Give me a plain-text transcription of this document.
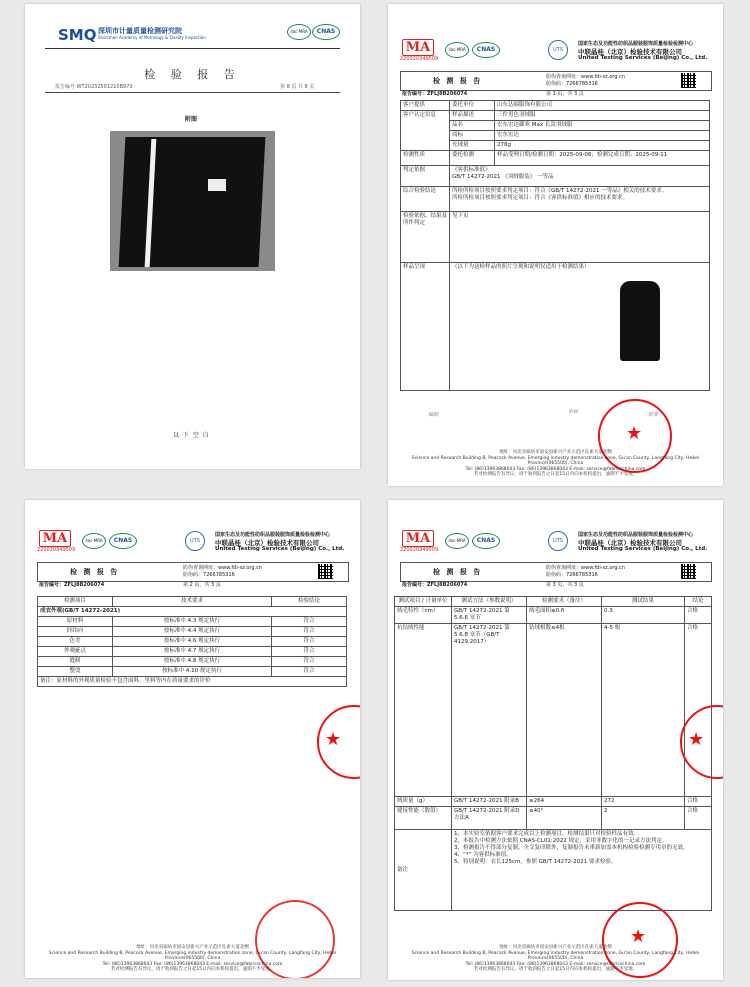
SMQ 深圳市计量质量检测研究院
Shenzhen Academy of Metrology & Quality Inspection
ilac-MRA	CNAS
检 验 报 告
报告编号 WT20232501210B973	第 8 页 共 8 页
附图
以 下 空 白
MA
220020349509
ilac-MRA	CNAS	UTS
国家生态及功能性纺织品服装服饰质量检验检测中心
中联晶桂（北京）检验技术有限公司
United Testing Services (Beijing) Co., Ltd.
检 测 报 告	防伪查询网址：www.fdi-sz.org.cn
防伪码：7266785316
报告编号：ZFLJ8B206074	第 1 页，共 3 页
客户提供	委托单位	山东达瑞服饰有限公司
客户认定信息	样品描述	三件男色羽绒服
	品名	宏东宏达御寒 Max 长款羽绒服
	商标	宏东宏达
	充绒量	278g
检测性质	委托检测	样品受理日期/检测日期：2025-09-08；检测完成日期；2025-09-11
判定依据	《客供标准值》
GB/T 14272-2021 《羽绒服装》 一等品	

综合检验结论	所检所检项目按照要求判定项目：符合《GB/T 14272-2021 一等品》相关的技术要求。
所检所检项目按照要求判定项目：符合《客供标准值》相应的技术要求。	

检验依据、结果及所作判定	见下页	
样品呈现	（以下为送检样品的照片呈现和说明仅适用于检测结果）	
编制	审核	批准
★
地址：河北省廊坊市固安县新兴产业示范区孔雀大道北侧
Science and Research Building B, Peacock Avenue, Emerging industry demonstration zone, Gu'an County, Langfang City, Hebei Province(065500), China
Tel: (86)13963868043 Fax: (86)13963868043 E-mail: service@fabricschina.com
若对检测报告有异议，请于收到报告之日起15日内向本机构提出，逾期不予受理。
MA
220020349509
ilac-MRA	CNAS	UTS
国家生态及功能性纺织品服装服饰质量检验检测中心
中联晶桂（北京）检验技术有限公司
United Testing Services (Beijing) Co., Ltd.
检 测 报 告	防伪查询网址：www.fdi-sz.org.cn
防伪码：7266785316
报告编号：ZFLJ8B206074	第 2 页，共 3 页
检测项目	技术要求	检验结论
成衣外观(GB/T 14272-2021)		
原材料	按标准中 4.3 规定执行	符合
经纬向	按标准中 4.4 规定执行	符合
色差	按标准中 4.6 规定执行	符合
外观疵点	按标准中 4.7 规定执行	符合
缝制	按标准中 4.8 规定执行	符合
整烫	按标准中 4.10 规定执行	符合
备注：原材料的外观质量检验不包含面料、里料等内在质量要求的评价		
★
地址：河北省廊坊市固安县新兴产业示范区孔雀大道北侧
Science and Research Building B, Peacock Avenue, Emerging industry demonstration zone, Gu'an County, Langfang City, Hebei Province(065500), China
Tel: (86)13963868043 Fax: (86)13963868043 E-mail: service@fabricschina.com
若对检测报告有异议，请于收到报告之日起15日内向本机构提出，逾期不予受理。
MA
220020349509
ilac-MRA	CNAS	UTS
国家生态及功能性纺织品服装服饰质量检验检测中心
中联晶桂（北京）检验技术有限公司
United Testing Services (Beijing) Co., Ltd.
检 测 报 告	防伪查询网址：www.fdi-sz.org.cn
防伪码：7266785316
报告编号：ZFLJ8B206074	第 3 页，共 3 页
测试项目 / 计量单位	测试方法（参数说明）	检测要求（备注）	测试结果	结论
绒毛特性（cm）	GB/T 14272-2021 第 5.6.6 章节	绒毛面积≥0.6	0.3	合格
抗钻绒性能	GB/T 14272-2021 第 5.6.8 章节（GB/T 4129.2017）	钻绒根数≤4根	4-5 根	合格
绒质量（g）	GB/T 14272-2021 附录B	≥264	272	合格
缝接性能（数值）	GB/T 14272-2021 附录D 方法A	≤40°	2	合格
备注	1、本实验室依据客户要求完成以上检测项目，检测结果只对检验样品有效。
2、本报告中检测方法依据 CNAS-CL01:2022 规定，采用非数字化的一记录方法判定。
3、检测报告不得部分复制，全文复印除外，复制报告未重新加盖本机构检验检测专用章的无效。
4、“*” 为客供标准值。
5、特别说明：衣长125cm，参照 GB/T 14272-2021 要求检验。			
★
★
地址：河北省廊坊市固安县新兴产业示范区孔雀大道北侧
Science and Research Building B, Peacock Avenue, Emerging industry demonstration zone, Gu'an County, Langfang City, Hebei Province(065500), China
Tel: (86)13963868043 Fax: (86)13963868043 E-mail: service@fabricschina.com
若对检测报告有异议，请于收到报告之日起15日内向本机构提出，逾期不予受理。
